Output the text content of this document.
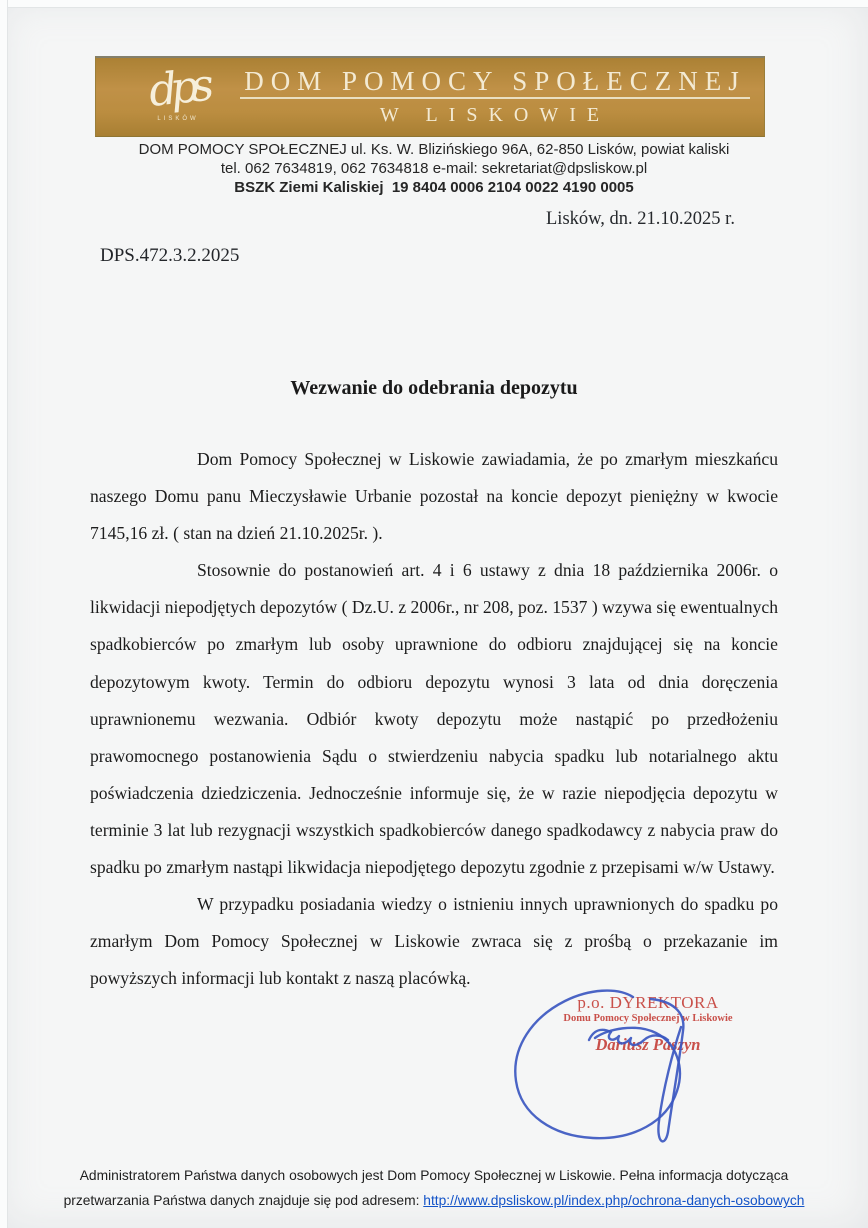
dps
LISKÓW
DOM POMOCY SPOŁECZNEJ
W LISKOWIE
DOM POMOCY SPOŁECZNEJ ul. Ks. W. Blizińskiego 96A, 62-850 Lisków, powiat kaliski
tel. 062 7634819, 062 7634818 e-mail: sekretariat@dpsliskow.pl
BSZK Ziemi Kaliskiej  19 8404 0006 2104 0022 4190 0005
Lisków, dn. 21.10.2025 r.
DPS.472.3.2.2025
Wezwanie do odebrania depozytu

Dom Pomocy Społecznej w Liskowie zawiadamia, że po zmarłym mieszkańcu naszego Domu panu Mieczysławie Urbanie pozostał na koncie depozyt pieniężny w kwocie 7145,16 zł. ( stan na dzień 21.10.2025r. ).

Stosownie do postanowień art. 4 i 6 ustawy z dnia 18 października 2006r. o likwidacji niepodjętych depozytów ( Dz.U. z 2006r., nr 208, poz. 1537 ) wzywa się ewentualnych spadkobierców po zmarłym lub osoby uprawnione do odbioru znajdującej się na koncie depozytowym kwoty. Termin do odbioru depozytu wynosi 3 lata od dnia doręczenia uprawnionemu wezwania. Odbiór kwoty depozytu może nastąpić po przedłożeniu prawomocnego postanowienia Sądu o stwierdzeniu nabycia spadku lub notarialnego aktu poświadczenia dziedziczenia. Jednocześnie informuje się, że w razie niepodjęcia depozytu w terminie 3 lat lub rezygnacji wszystkich spadkobierców danego spadkodawcy z nabycia praw do spadku po zmarłym nastąpi likwidacja niepodjętego depozytu zgodnie z przepisami w/w Ustawy.

W przypadku posiadania wiedzy o istnieniu innych uprawnionych do spadku po zmarłym Dom Pomocy Społecznej w Liskowie zwraca się z prośbą o przekazanie im powyższych informacji lub kontakt z naszą placówką.

p.o. DYREKTORA
Domu Pomocy Społecznej w Liskowie
Dariusz Paszyn
Administratorem Państwa danych osobowych jest Dom Pomocy Społecznej w Liskowie. Pełna informacja dotycząca
przetwarzania Państwa danych znajduje się pod adresem: http://www.dpsliskow.pl/index.php/ochrona-danych-osobowych
